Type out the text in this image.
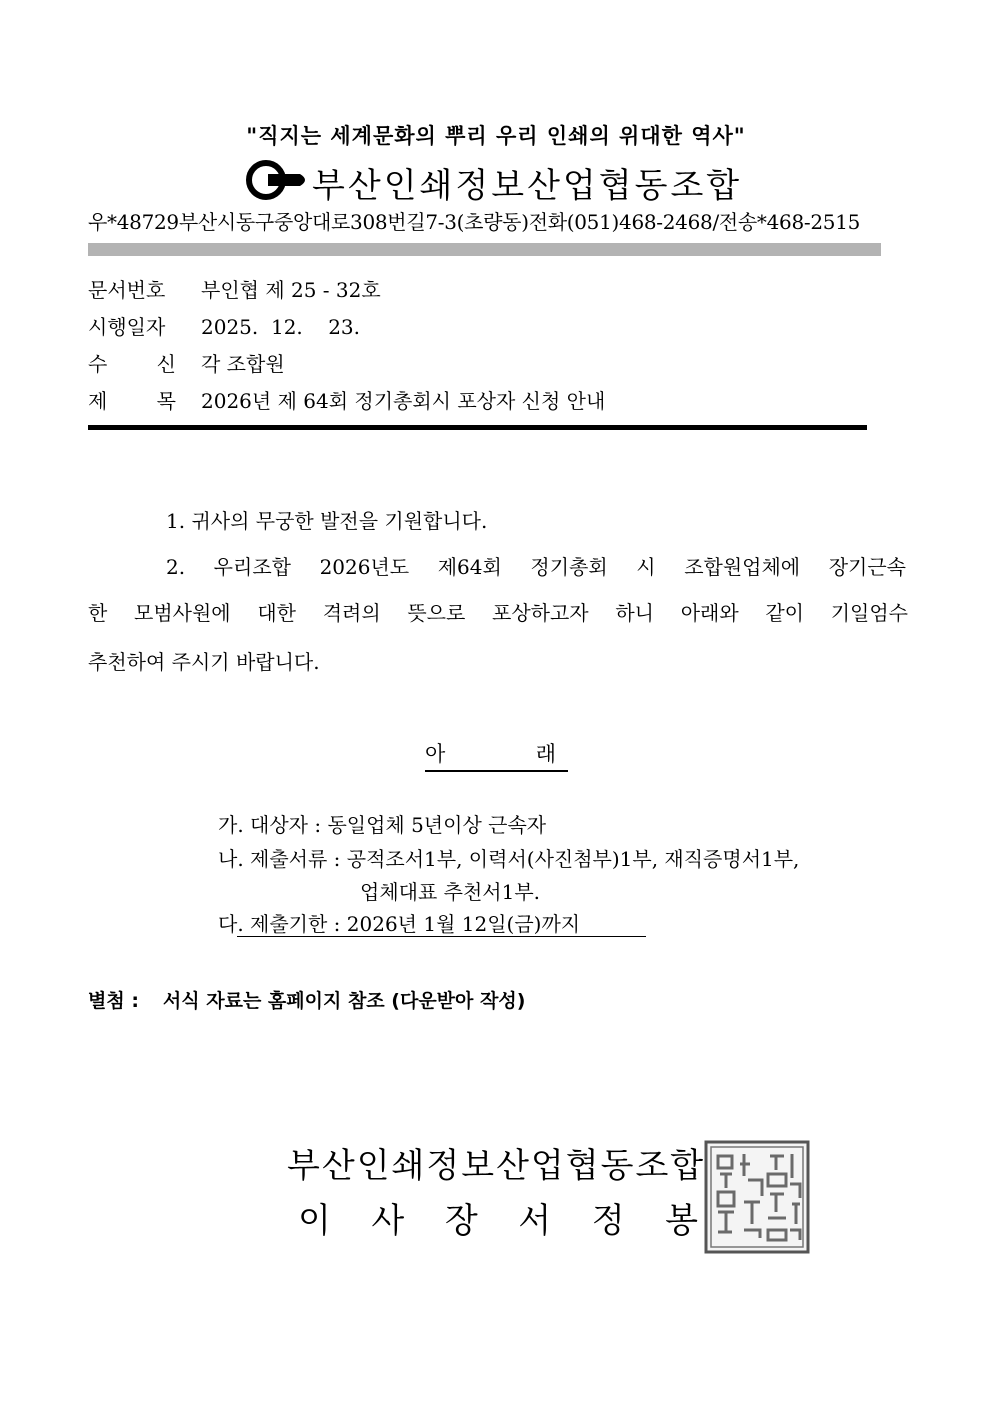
"직지는 세계문화의 뿌리 우리 인쇄의 위대한 역사"
부산인쇄정보산업협동조합
우*48729부산시동구중앙대로308번길7-3(초량동)전화(051)468-2468/전송*468-2515
문서번호 부인협 제 25 - 32호
시행일자 2025.  12.    23.
수 신 각 조합원
제 목 2026년 제 64회 정기총회시 포상자 신청 안내
1. 귀사의 무궁한 발전을 기원합니다.
2. 우리조합 2026년도 제64회 정기총회 시 조합원업체에 장기근속
한 모범사원에 대한 격려의 뜻으로 포상하고자 하니 아래와 같이 기일엄수
추천하여 주시기 바랍니다.
아	래
가. 대상자 : 동일업체 5년이상 근속자
나. 제출서류 : 공적조서1부, 이력서(사진첨부)1부, 재직증명서1부,
업체대표 추천서1부.
다. 제출기한 : 2026년 1월 12일(금)까지
별첨 : 서식 자료는 홈페이지 참조 (다운받아 작성)
부산인쇄정보산업협동조합
이 사 장 서 정 봉
